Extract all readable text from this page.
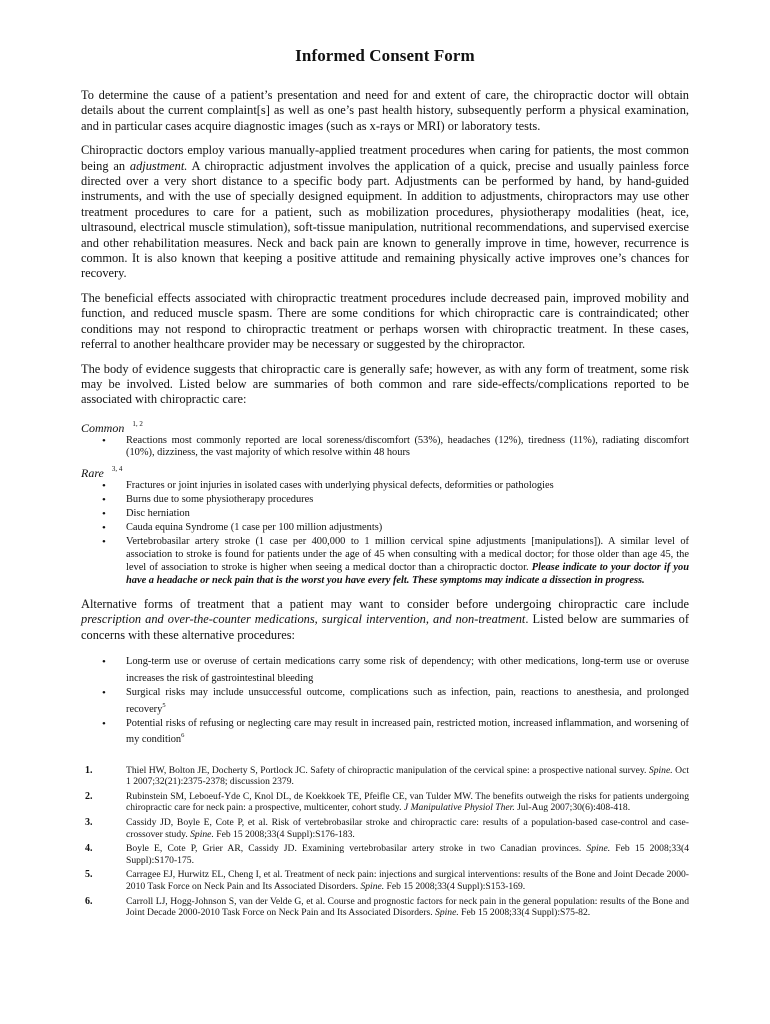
Informed Consent Form

To determine the cause of a patient’s presentation and need for and extent of care, the chiropractic doctor will obtain details about the current complaint[s] as well as one’s past health history, subsequently perform a physical examination, and in particular cases acquire diagnostic images (such as x-rays or MRI) or laboratory tests.

Chiropractic doctors employ various manually-applied treatment procedures when caring for patients, the most common being an adjustment. A chiropractic adjustment involves the application of a quick, precise and usually painless force directed over a very short distance to a specific body part. Adjustments can be performed by hand, by hand-guided instruments, and with the use of specially designed equipment. In addition to adjustments, chiropractors may use other treatment procedures to care for a patient, such as mobilization procedures, physiotherapy modalities (heat, ice, ultrasound, electrical muscle stimulation), soft-tissue manipulation, nutritional recommendations, and supervised exercise and other rehabilitation measures. Neck and back pain are known to generally improve in time, however, recurrence is common. It is also known that keeping a positive attitude and remaining physically active improves one’s chances for recovery.

The beneficial effects associated with chiropractic treatment procedures include decreased pain, improved mobility and function, and reduced muscle spasm. There are some conditions for which chiropractic care is contraindicated; other conditions may not respond to chiropractic treatment or perhaps worsen with chiropractic treatment. In these cases, referral to another healthcare provider may be necessary or suggested by the chiropractor.

The body of evidence suggests that chiropractic care is generally safe; however, as with any form of treatment, some risk may be involved. Listed below are summaries of both common and rare side-effects/complications reported to be associated with chiropractic care:

Common $^{1, 2}$
• Reactions most commonly reported are local soreness/discomfort (53%), headaches (12%), tiredness (11%), radiating discomfort (10%), dizziness, the vast majority of which resolve within 48 hours
Rare $^{3, 4}$
• Fractures or joint injuries in isolated cases with underlying physical defects, deformities or pathologies
• Burns due to some physiotherapy procedures
• Disc herniation
• Cauda equina Syndrome (1 case per 100 million adjustments)
• Vertebrobasilar artery stroke (1 case per 400,000 to 1 million cervical spine adjustments [manipulations]). A similar level of association to stroke is found for patients under the age of 45 when consulting with a medical doctor; for those older than age 45, the level of association to stroke is higher when seeing a medical doctor than a chiropractic doctor. Please indicate to your doctor if you have a headache or neck pain that is the worst you have every felt. These symptoms may indicate a dissection in progress.

Alternative forms of treatment that a patient may want to consider before undergoing chiropractic care include prescription and over-the-counter medications, surgical intervention, and non-treatment. Listed below are summaries of concerns with these alternative procedures:

• Long-term use or overuse of certain medications carry some risk of dependency; with other medications, long-term use or overuse increases the risk of gastrointestinal bleeding
• Surgical risks may include unsuccessful outcome, complications such as infection, pain, reactions to anesthesia, and prolonged recovery$^5$
• Potential risks of refusing or neglecting care may result in increased pain, restricted motion, increased inflammation, and worsening of my condition$^6$
1.	Thiel HW, Bolton JE, Docherty S, Portlock JC. Safety of chiropractic manipulation of the cervical spine: a prospective national survey. Spine. Oct 1 2007;32(21):2375-2378; discussion 2379.
2.	Rubinstein SM, Leboeuf-Yde C, Knol DL, de Koekkoek TE, Pfeifle CE, van Tulder MW. The benefits outweigh the risks for patients undergoing chiropractic care for neck pain: a prospective, multicenter, cohort study. J Manipulative Physiol Ther. Jul-Aug 2007;30(6):408-418.
3.	Cassidy JD, Boyle E, Cote P, et al. Risk of vertebrobasilar stroke and chiropractic care: results of a population-based case-control and case-crossover study. Spine. Feb 15 2008;33(4 Suppl):S176-183.
4.	Boyle E, Cote P, Grier AR, Cassidy JD. Examining vertebrobasilar artery stroke in two Canadian provinces. Spine. Feb 15 2008;33(4 Suppl):S170-175.
5.	Carragee EJ, Hurwitz EL, Cheng I, et al. Treatment of neck pain: injections and surgical interventions: results of the Bone and Joint Decade 2000-2010 Task Force on Neck Pain and Its Associated Disorders. Spine. Feb 15 2008;33(4 Suppl):S153-169.
6.	Carroll LJ, Hogg-Johnson S, van der Velde G, et al. Course and prognostic factors for neck pain in the general population: results of the Bone and Joint Decade 2000-2010 Task Force on Neck Pain and Its Associated Disorders. Spine. Feb 15 2008;33(4 Suppl):S75-82.
